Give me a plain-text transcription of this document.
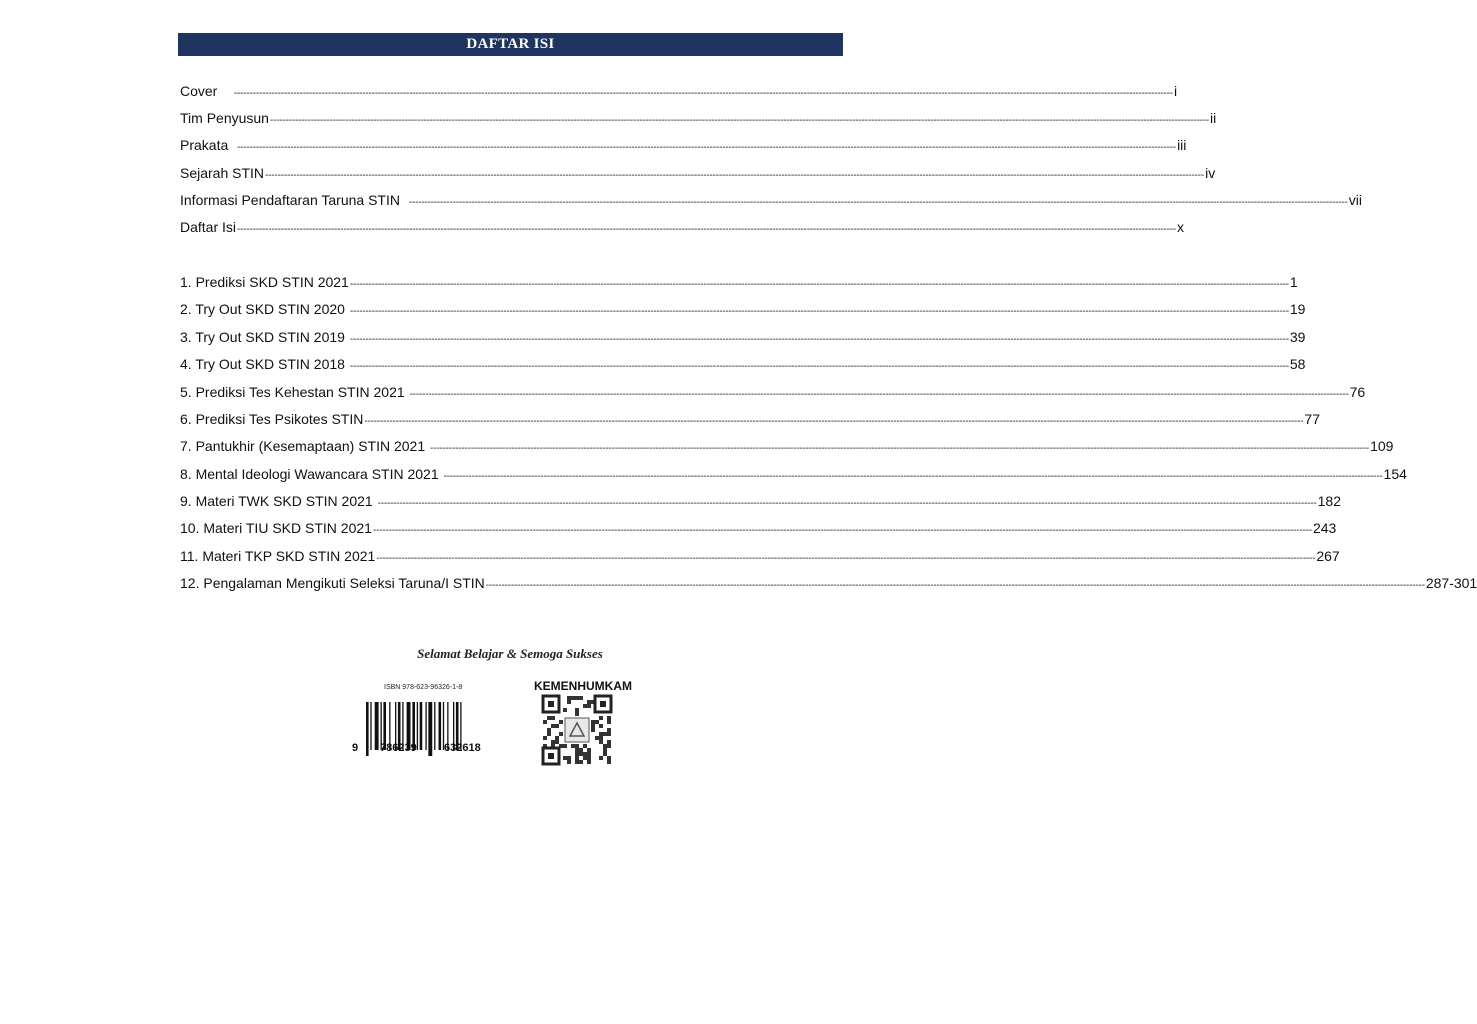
DAFTAR ISI
Cover ------------------------------------------------------------------------------------------------------------------------------------------------------------------------------------------------------------------------------------------------------------------------------------------------------------ i
Tim Penyusun ------------------------------------------------------------------------------------------------------------------------------------------------------------------------------------------------------------------------------------------------------------------------------------------------------------ ii
Prakata ------------------------------------------------------------------------------------------------------------------------------------------------------------------------------------------------------------------------------------------------------------------------------------------------------------ iii
Sejarah STIN ------------------------------------------------------------------------------------------------------------------------------------------------------------------------------------------------------------------------------------------------------------------------------------------------------------ iv
Informasi Pendaftaran Taruna STIN ------------------------------------------------------------------------------------------------------------------------------------------------------------------------------------------------------------------------------------------------------------------------------------------------------------ vii
Daftar Isi ------------------------------------------------------------------------------------------------------------------------------------------------------------------------------------------------------------------------------------------------------------------------------------------------------------ x
1. Prediksi SKD STIN 2021 ------------------------------------------------------------------------------------------------------------------------------------------------------------------------------------------------------------------------------------------------------------------------------------------------------------ 1
2. Try Out SKD STIN 2020 ------------------------------------------------------------------------------------------------------------------------------------------------------------------------------------------------------------------------------------------------------------------------------------------------------------ 19
3. Try Out SKD STIN 2019 ------------------------------------------------------------------------------------------------------------------------------------------------------------------------------------------------------------------------------------------------------------------------------------------------------------ 39
4. Try Out SKD STIN 2018 ------------------------------------------------------------------------------------------------------------------------------------------------------------------------------------------------------------------------------------------------------------------------------------------------------------ 58
5. Prediksi Tes Kehestan STIN 2021 ------------------------------------------------------------------------------------------------------------------------------------------------------------------------------------------------------------------------------------------------------------------------------------------------------------ 76
6. Prediksi Tes Psikotes STIN ------------------------------------------------------------------------------------------------------------------------------------------------------------------------------------------------------------------------------------------------------------------------------------------------------------ 77
7. Pantukhir (Kesemaptaan) STIN 2021 ------------------------------------------------------------------------------------------------------------------------------------------------------------------------------------------------------------------------------------------------------------------------------------------------------------ 109
8. Mental Ideologi Wawancara STIN 2021 ------------------------------------------------------------------------------------------------------------------------------------------------------------------------------------------------------------------------------------------------------------------------------------------------------------ 154
9. Materi TWK SKD STIN 2021 ------------------------------------------------------------------------------------------------------------------------------------------------------------------------------------------------------------------------------------------------------------------------------------------------------------ 182
10. Materi TIU SKD STIN 2021 ------------------------------------------------------------------------------------------------------------------------------------------------------------------------------------------------------------------------------------------------------------------------------------------------------------ 243
11. Materi TKP SKD STIN 2021 ------------------------------------------------------------------------------------------------------------------------------------------------------------------------------------------------------------------------------------------------------------------------------------------------------------ 267
12. Pengalaman Mengikuti Seleksi Taruna/I STIN ------------------------------------------------------------------------------------------------------------------------------------------------------------------------------------------------------------------------------------------------------------------------------------------------------------ 287-301
Selamat Belajar & Semoga Sukses
ISBN 978-623-96326-1-8
9 786239 632618
KEMENHUMKAM
